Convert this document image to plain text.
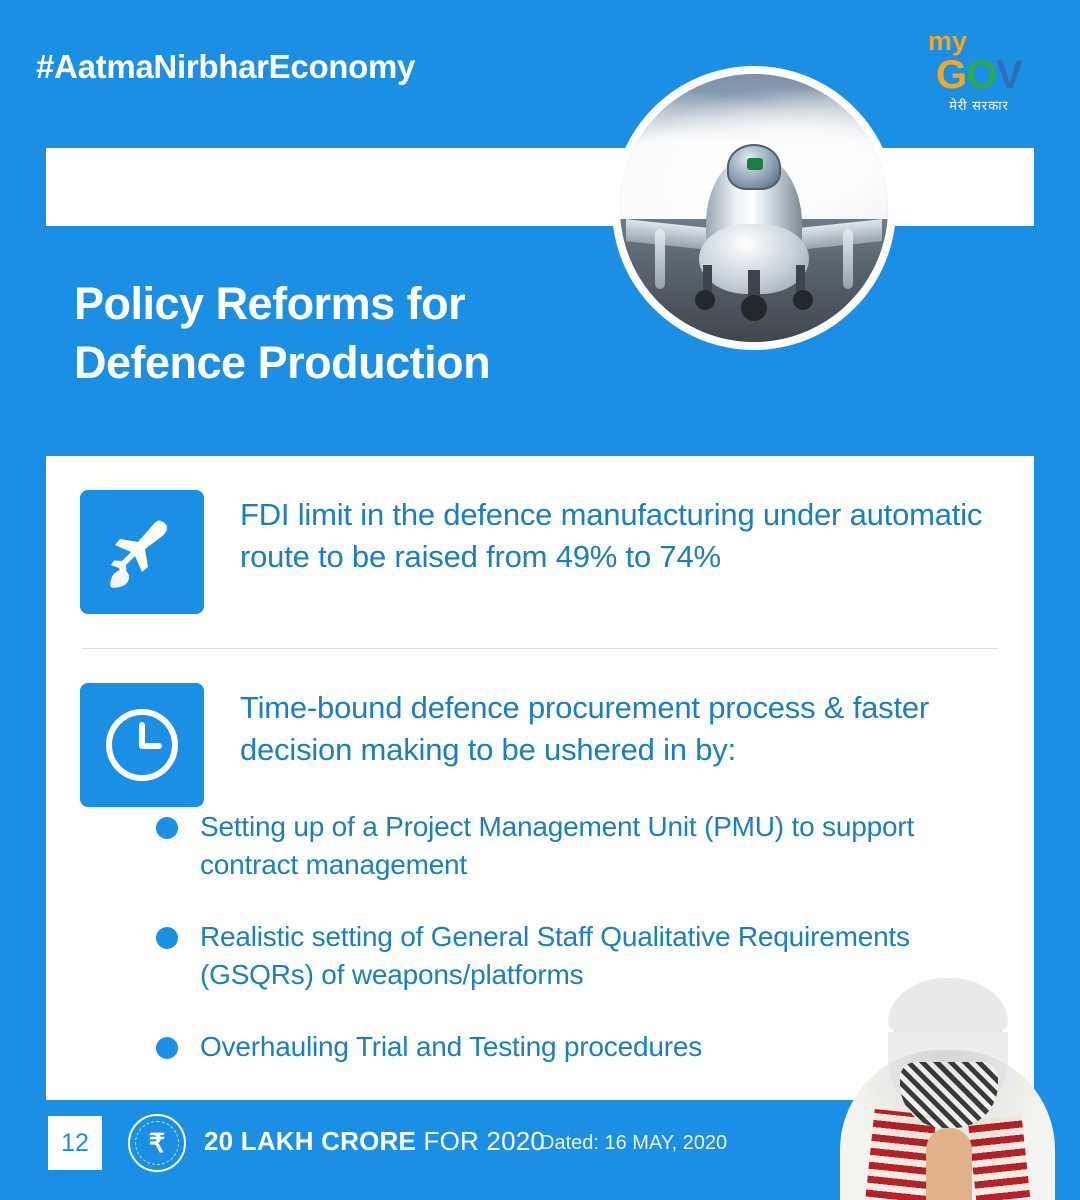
#AatmaNirbharEconomy
my
GOV
मेरी सरकार
Policy Reforms for
Defence Production
FDI limit in the defence manufacturing under automatic route to be raised from 49% to 74%
Time-bound defence procurement process & faster decision making to be ushered in by:
Setting up of a Project Management Unit (PMU) to support contract management
Realistic setting of General Staff Qualitative Requirements (GSQRs) of weapons/platforms
Overhauling Trial and Testing procedures
12	₹ 20 LAKH CRORE FOR 2020
Dated: 16 MAY, 2020
